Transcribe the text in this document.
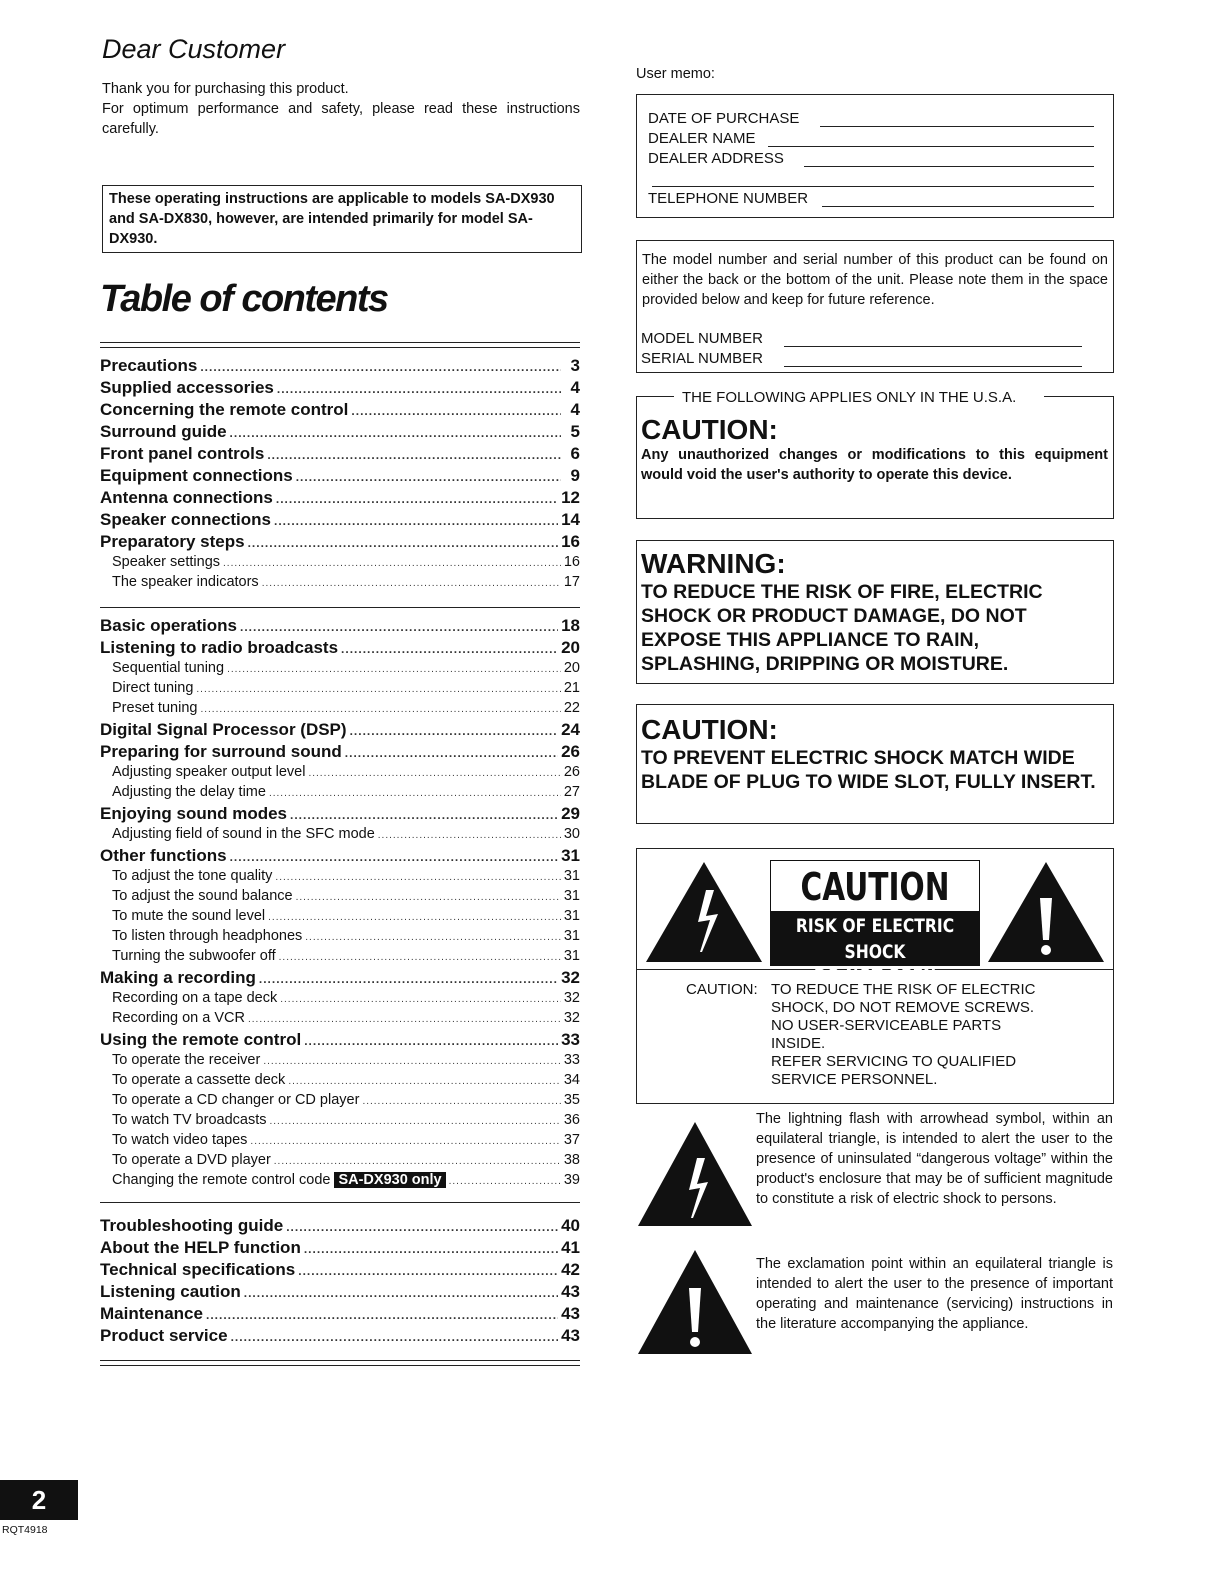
Dear Customer
Thank you for purchasing this product.
For optimum performance and safety, please read these instructions carefully.
These operating instructions are applicable to models SA-DX930 and SA-DX830, however, are intended primarily for model SA-DX930.
Table of contents
Precautions .....	3
Supplied accessories .....	4
Concerning the remote control .....	4
Surround guide .....	5
Front panel controls .....	6
Equipment connections .....	9
Antenna connections .....	12
Speaker connections .....	14
Preparatory steps .....	16
Speaker settings .....	16
The speaker indicators .....	17
Basic operations .....	18
Listening to radio broadcasts .....	20
Sequential tuning .....	20
Direct tuning .....	21
Preset tuning .....	22
Digital Signal Processor (DSP) .....	24
Preparing for surround sound .....	26
Adjusting speaker output level .....	26
Adjusting the delay time .....	27
Enjoying sound modes .....	29
Adjusting field of sound in the SFC mode .....	30
Other functions .....	31
To adjust the tone quality .....	31
To adjust the sound balance .....	31
To mute the sound level .....	31
To listen through headphones .....	31
Turning the subwoofer off .....	31
Making a recording .....	32
Recording on a tape deck .....	32
Recording on a VCR .....	32
Using the remote control .....	33
To operate the receiver .....	33
To operate a cassette deck .....	34
To operate a CD changer or CD player .....	35
To watch TV broadcasts .....	36
To watch video tapes .....	37
To operate a DVD player .....	38
Changing the remote control code SA-DX930 only .....	39
Troubleshooting guide .....	40
About the HELP function .....	41
Technical specifications .....	42
Listening caution .....	43
Maintenance .....	43
Product service .....	43
2
RQT4918
User memo:
DATE OF PURCHASE
DEALER NAME
DEALER ADDRESS
TELEPHONE NUMBER
The model number and serial number of this product can be found on either the back or the bottom of the unit. Please note them in the space provided below and keep for future reference.
MODEL NUMBER
SERIAL NUMBER
THE FOLLOWING APPLIES ONLY IN THE U.S.A.
CAUTION:
Any unauthorized changes or modifications to this equipment would void the user's authority to operate this device.
WARNING:
TO REDUCE THE RISK OF FIRE, ELECTRIC SHOCK OR PRODUCT DAMAGE, DO NOT EXPOSE THIS APPLIANCE TO RAIN, SPLASHING, DRIPPING OR MOISTURE.
CAUTION:
TO PREVENT ELECTRIC SHOCK MATCH WIDE BLADE OF PLUG TO WIDE SLOT, FULLY INSERT.
CAUTION
RISK OF ELECTRIC SHOCK
DO NOT OPEN
CAUTION: TO REDUCE THE RISK OF ELECTRIC
SHOCK, DO NOT REMOVE SCREWS.
NO USER-SERVICEABLE PARTS
INSIDE.
REFER SERVICING TO QUALIFIED
SERVICE PERSONNEL.
The lightning flash with arrowhead symbol, within an equilateral triangle, is intended to alert the user to the presence of uninsulated “dangerous voltage” within the product's enclosure that may be of sufficient magnitude to constitute a risk of electric shock to persons.
The exclamation point within an equilateral triangle is intended to alert the user to the presence of important operating and maintenance (servicing) instructions in the literature accompanying the appliance.
